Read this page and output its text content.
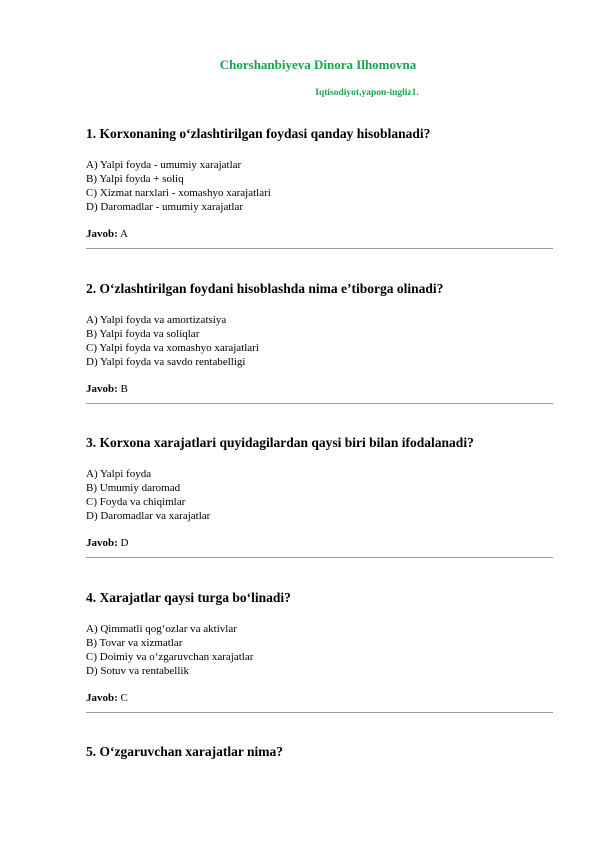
Chorshanbiyeva Dinora Ilhomovna
Iqtisodiyot,yapon-ingliz1.

1. Korxonaning o‘zlashtirilgan foydasi qanday hisoblanadi?

A) Yalpi foyda - umumiy xarajatlar
B) Yalpi foyda + soliq
C) Xizmat narxlari - xomashyo xarajatlari
D) Daromadlar - umumiy xarajatlar
Javob: A

2. O‘zlashtirilgan foydani hisoblashda nima e’tiborga olinadi?

A) Yalpi foyda va amortizatsiya
B) Yalpi foyda va soliqlar
C) Yalpi foyda va xomashyo xarajatlari
D) Yalpi foyda va savdo rentabelligi
Javob: B

3. Korxona xarajatlari quyidagilardan qaysi biri bilan ifodalanadi?

A) Yalpi foyda
B) Umumiy daromad
C) Foyda va chiqimlar
D) Daromadlar va xarajatlar
Javob: D

4. Xarajatlar qaysi turga bo‘linadi?

A) Qimmatli qog‘ozlar va aktivlar
B) Tovar va xizmatlar
C) Doimiy va o‘zgaruvchan xarajatlar
D) Sotuv va rentabellik
Javob: C

5. O‘zgaruvchan xarajatlar nima?
